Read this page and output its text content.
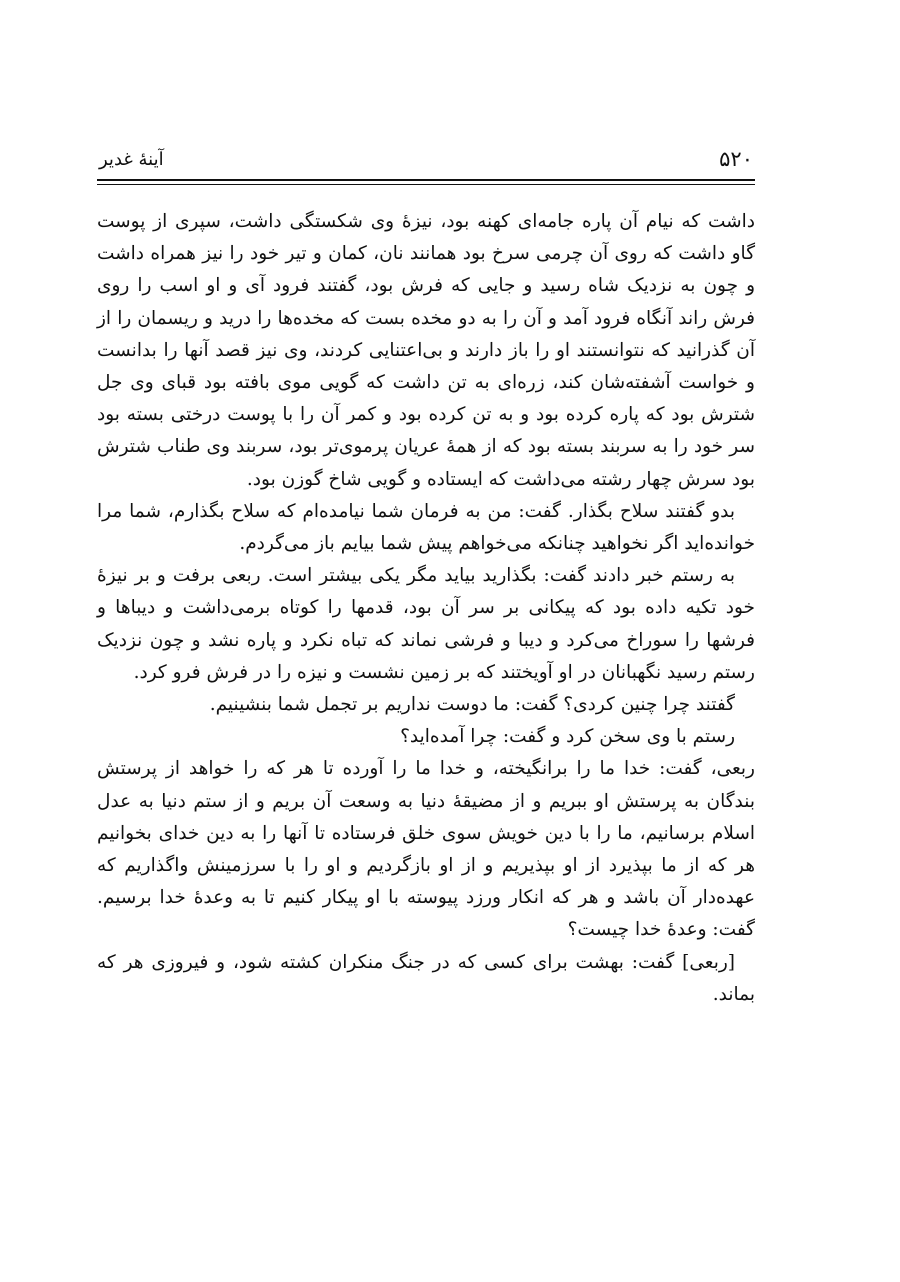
۵۲۰
آینهٔ غدیر

داشت که نیام آن پاره جامه‌ای کهنه بود، نیزهٔ وی شکستگی داشت، سپری از پوست گاو داشت که روی آن چرمی سرخ بود همانند نان، کمان و تیر خود را نیز همراه داشت و چون به نزدیک شاه رسید و جایی که فرش بود، گفتند فرود آی و او اسب را روی فرش راند آنگاه فرود آمد و آن را به دو مخده بست که مخده‌ها را درید و ریسمان را از آن گذرانید که نتوانستند او را باز دارند و بی‌اعتنایی کردند، وی نیز قصد آنها را بدانست و خواست آشفته‌شان کند، زره‌ای به تن داشت که گویی موی بافته بود قبای وی جل شترش بود که پاره کرده بود و به تن کرده بود و کمر آن را با پوست درختی بسته بود سر خود را به سربند بسته بود که از همهٔ عریان پرموی‌تر بود، سربند وی طناب شترش بود سرش چهار رشته می‌داشت که ایستاده و گویی شاخ گوزن بود.

بدو گفتند سلاح بگذار. گفت: من به فرمان شما نیامده‌ام که سلاح بگذارم، شما مرا خوانده‌اید اگر نخواهید چنانکه می‌خواهم پیش شما بیایم باز می‌گردم.

به رستم خبر دادند گفت: بگذارید بیاید مگر یکی بیشتر است. ربعی برفت و بر نیزهٔ خود تکیه داده بود که پیکانی بر سر آن بود، قدمها را کوتاه برمی‌داشت و دیباها و فرشها را سوراخ می‌کرد و دیبا و فرشی نماند که تباه نکرد و پاره نشد و چون نزدیک رستم رسید نگهبانان در او آویختند که بر زمین نشست و نیزه را در فرش فرو کرد.

گفتند چرا چنین کردی؟ گفت: ما دوست نداریم بر تجمل شما بنشینیم.

رستم با وی سخن کرد و گفت: چرا آمده‌اید؟

ربعی، گفت: خدا ما را برانگیخته، و خدا ما را آورده تا هر که را خواهد از پرستش بندگان به پرستش او ببریم و از مضیقهٔ دنیا به وسعت آن بریم و از ستم دنیا به عدل اسلام برسانیم، ما را با دین خویش سوی خلق فرستاده تا آنها را به دین خدای بخوانیم هر که از ما بپذیرد از او بپذیریم و از او بازگردیم و او را با سرزمینش واگذاریم که عهده‌دار آن باشد و هر که انکار ورزد پیوسته با او پیکار کنیم تا به وعدهٔ خدا برسیم. گفت: وعدهٔ خدا چیست؟

[ربعی] گفت: بهشت برای کسی که در جنگ منکران کشته شود، و فیروزی هر که بماند.
